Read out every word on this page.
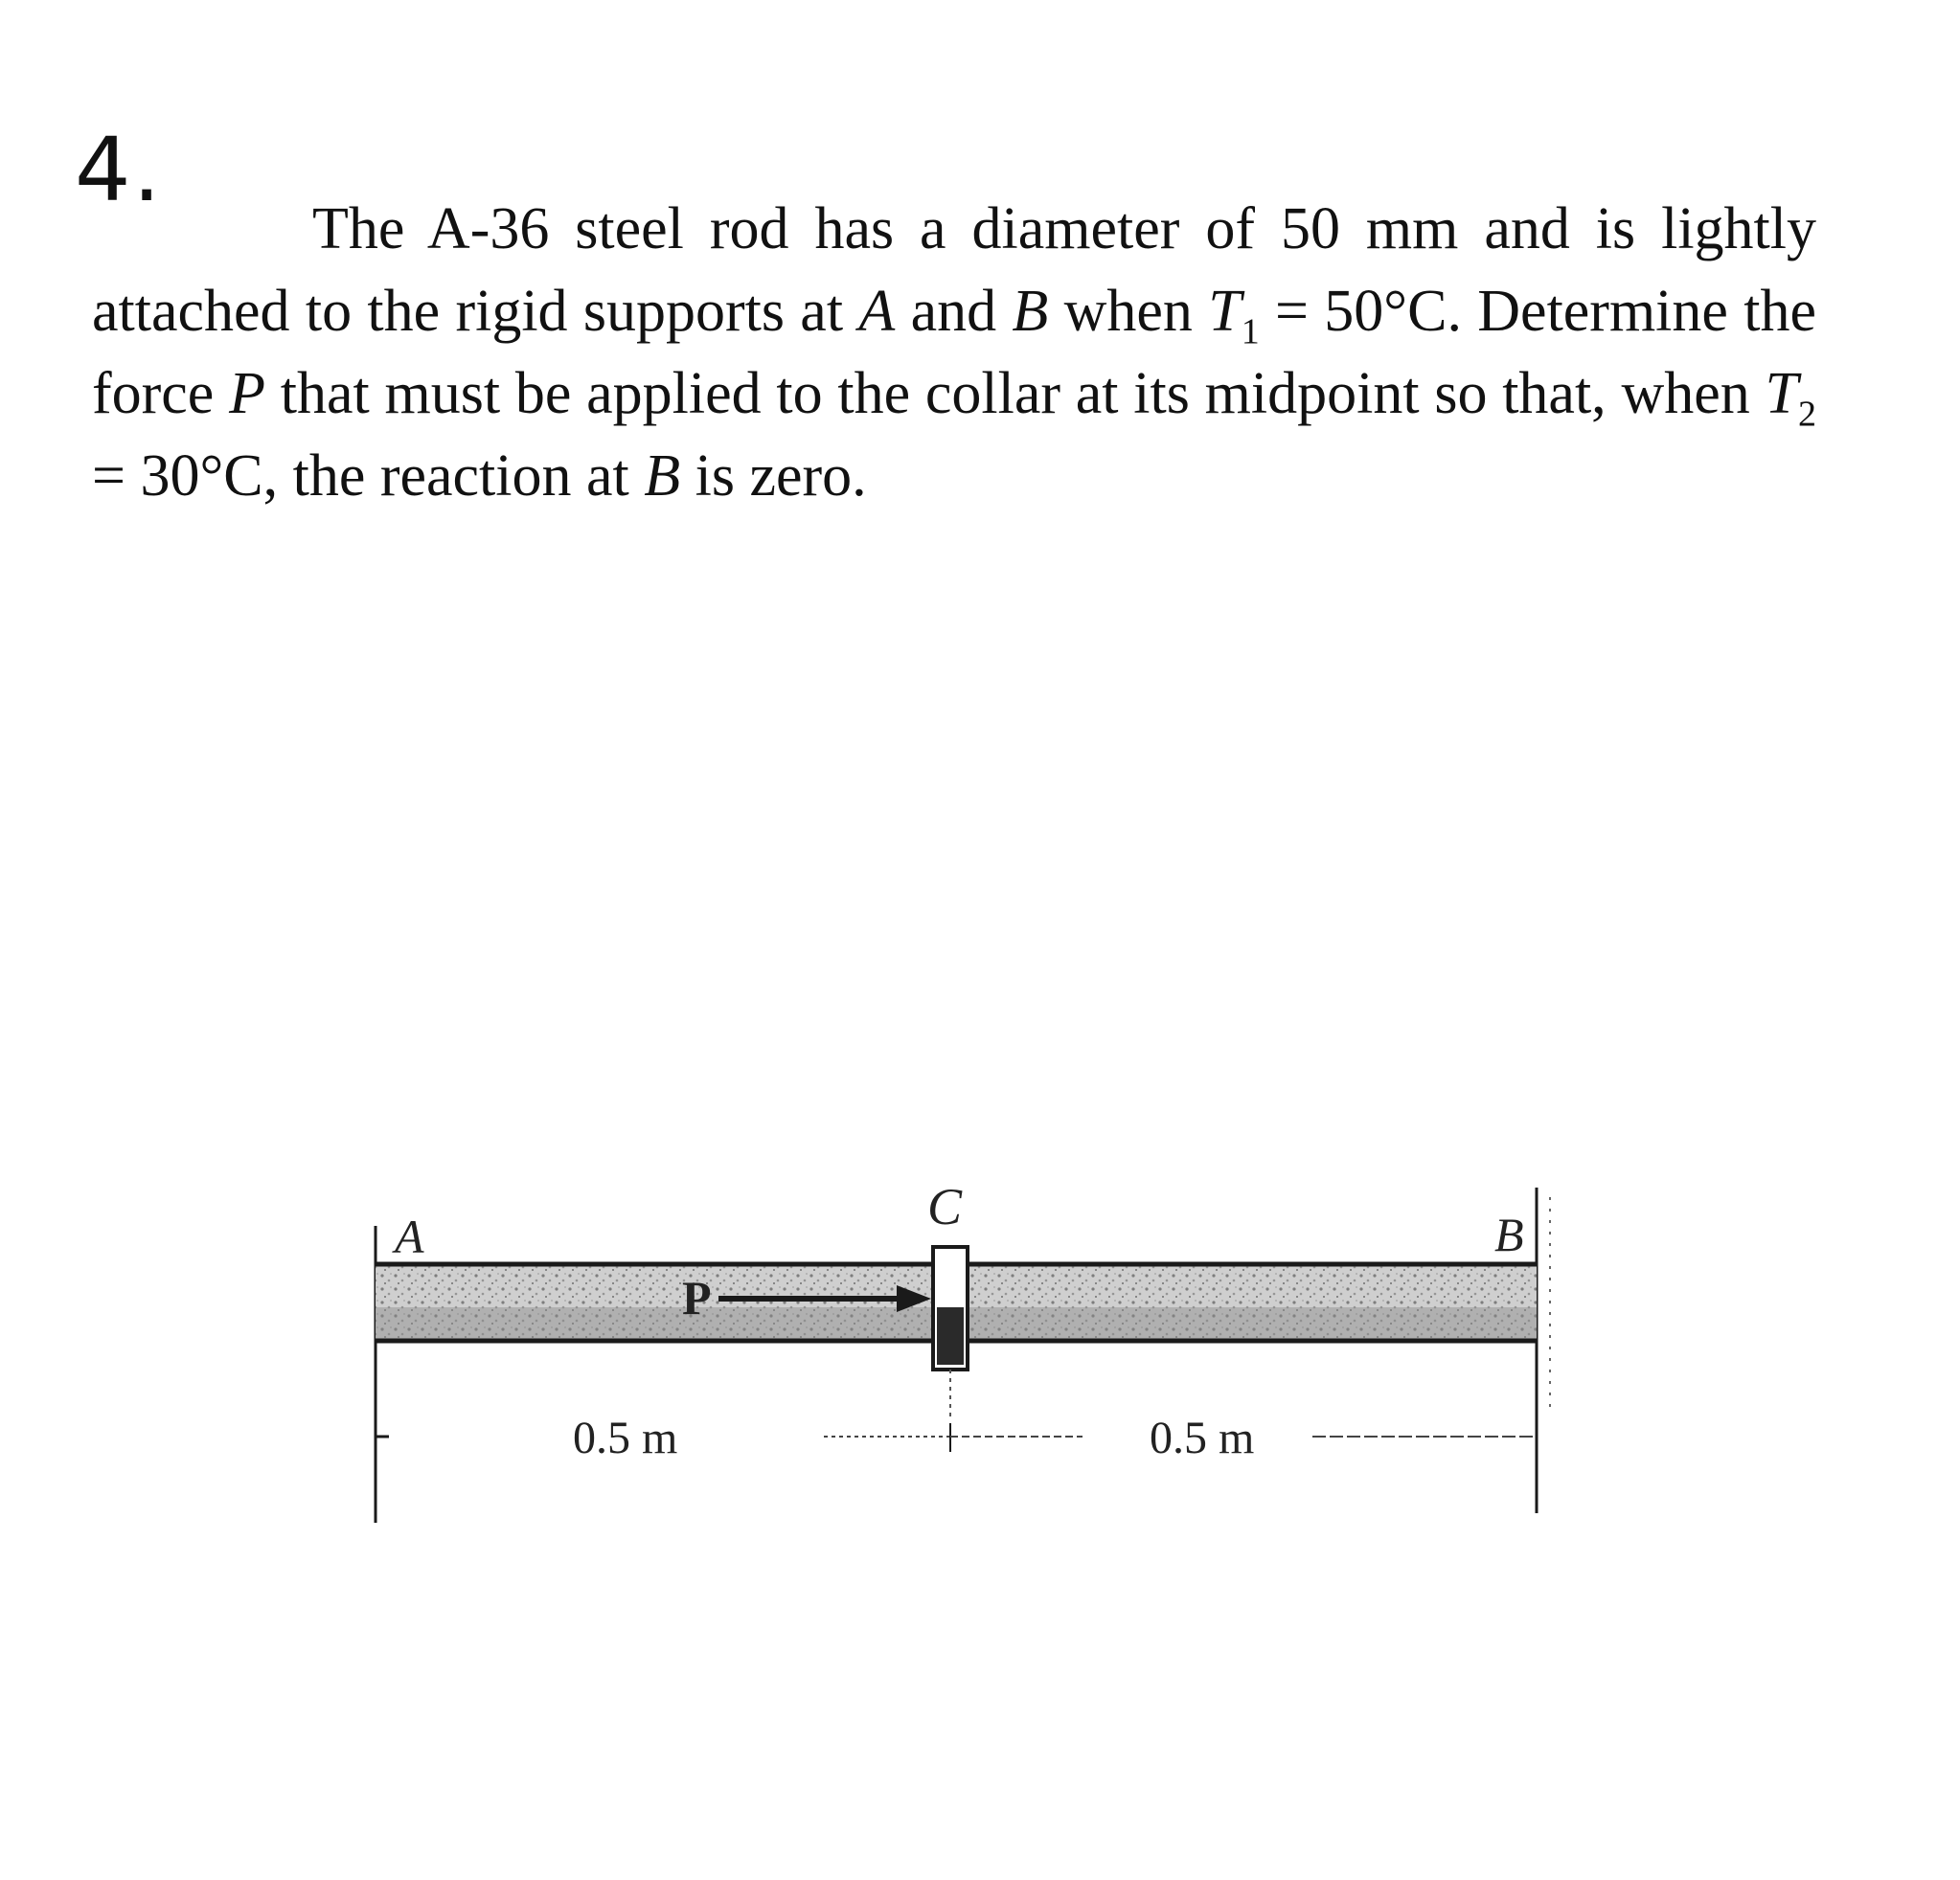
4.

The A-36 steel rod has a diameter of 50 mm and is lightly attached to the rigid supports at A and B when $T_1 = 50^\circ C$. Determine the force P that must be applied to the collar at its midpoint so that, when $T_2 = 30^\circ C$, the reaction at B is zero.

A	B
C
P
0.5 m	0.5 m
